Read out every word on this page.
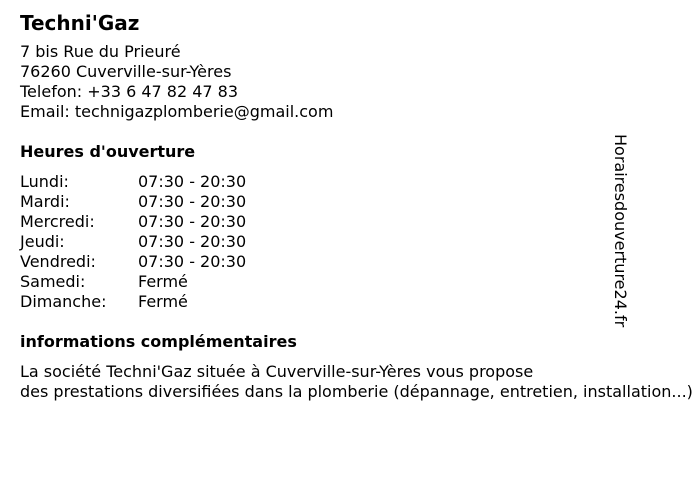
Techni'Gaz
7 bis Rue du Prieuré
76260 Cuverville-sur-Yères
Telefon: +33 6 47 82 47 83
Email: technigazplomberie@gmail.com
Heures d'ouverture
Lundi:	07:30 - 20:30
Mardi:	07:30 - 20:30
Mercredi:	07:30 - 20:30
Jeudi:	07:30 - 20:30
Vendredi:	07:30 - 20:30
Samedi:	Fermé
Dimanche:	Fermé
informations complémentaires
La société Techni'Gaz située à Cuverville-sur-Yères vous propose
des prestations diversifiées dans la plomberie (dépannage, entretien, installation...)
Horairesdouverture24.fr
